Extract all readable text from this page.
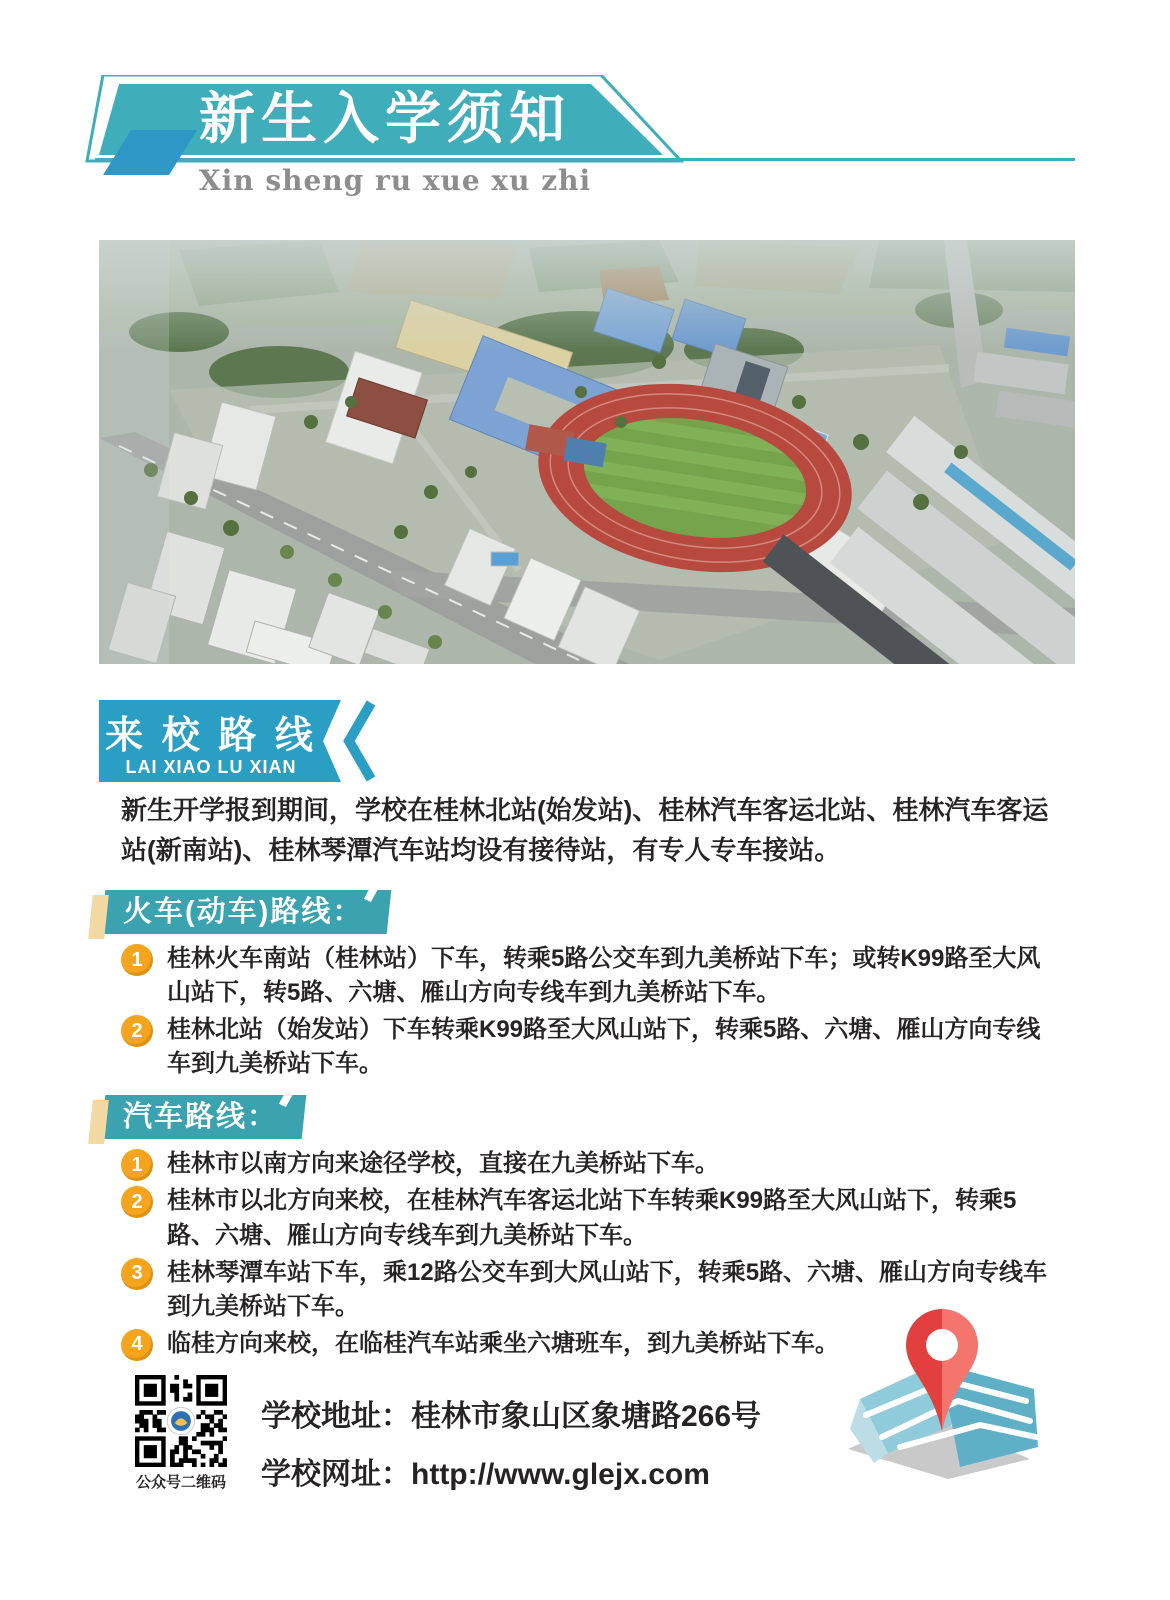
新生入学须知
Xin sheng ru xue xu zhi
来 校 路 线
LAI XIAO LU XIAN

新生开学报到期间，学校在桂林北站(始发站)、桂林汽车客运北站、桂林汽车客运站(新南站)、桂林琴潭汽车站均设有接待站，有专人专车接站。

火车(动车)路线：
1	桂林火车南站（桂林站）下车，转乘5路公交车到九美桥站下车；或转K99路至大风山站下，转5路、六塘、雁山方向专线车到九美桥站下车。
2	桂林北站（始发站）下车转乘K99路至大风山站下，转乘5路、六塘、雁山方向专线车到九美桥站下车。
汽车路线：
1	桂林市以南方向来途径学校，直接在九美桥站下车。
2	桂林市以北方向来校，在桂林汽车客运北站下车转乘K99路至大风山站下，转乘5路、六塘、雁山方向专线车到九美桥站下车。
3	桂林琴潭车站下车，乘12路公交车到大风山站下，转乘5路、六塘、雁山方向专线车到九美桥站下车。
4	临桂方向来校，在临桂汽车站乘坐六塘班车，到九美桥站下车。
公众号二维码
学校地址：桂林市象山区象塘路266号
学校网址：http://www.glejx.com
